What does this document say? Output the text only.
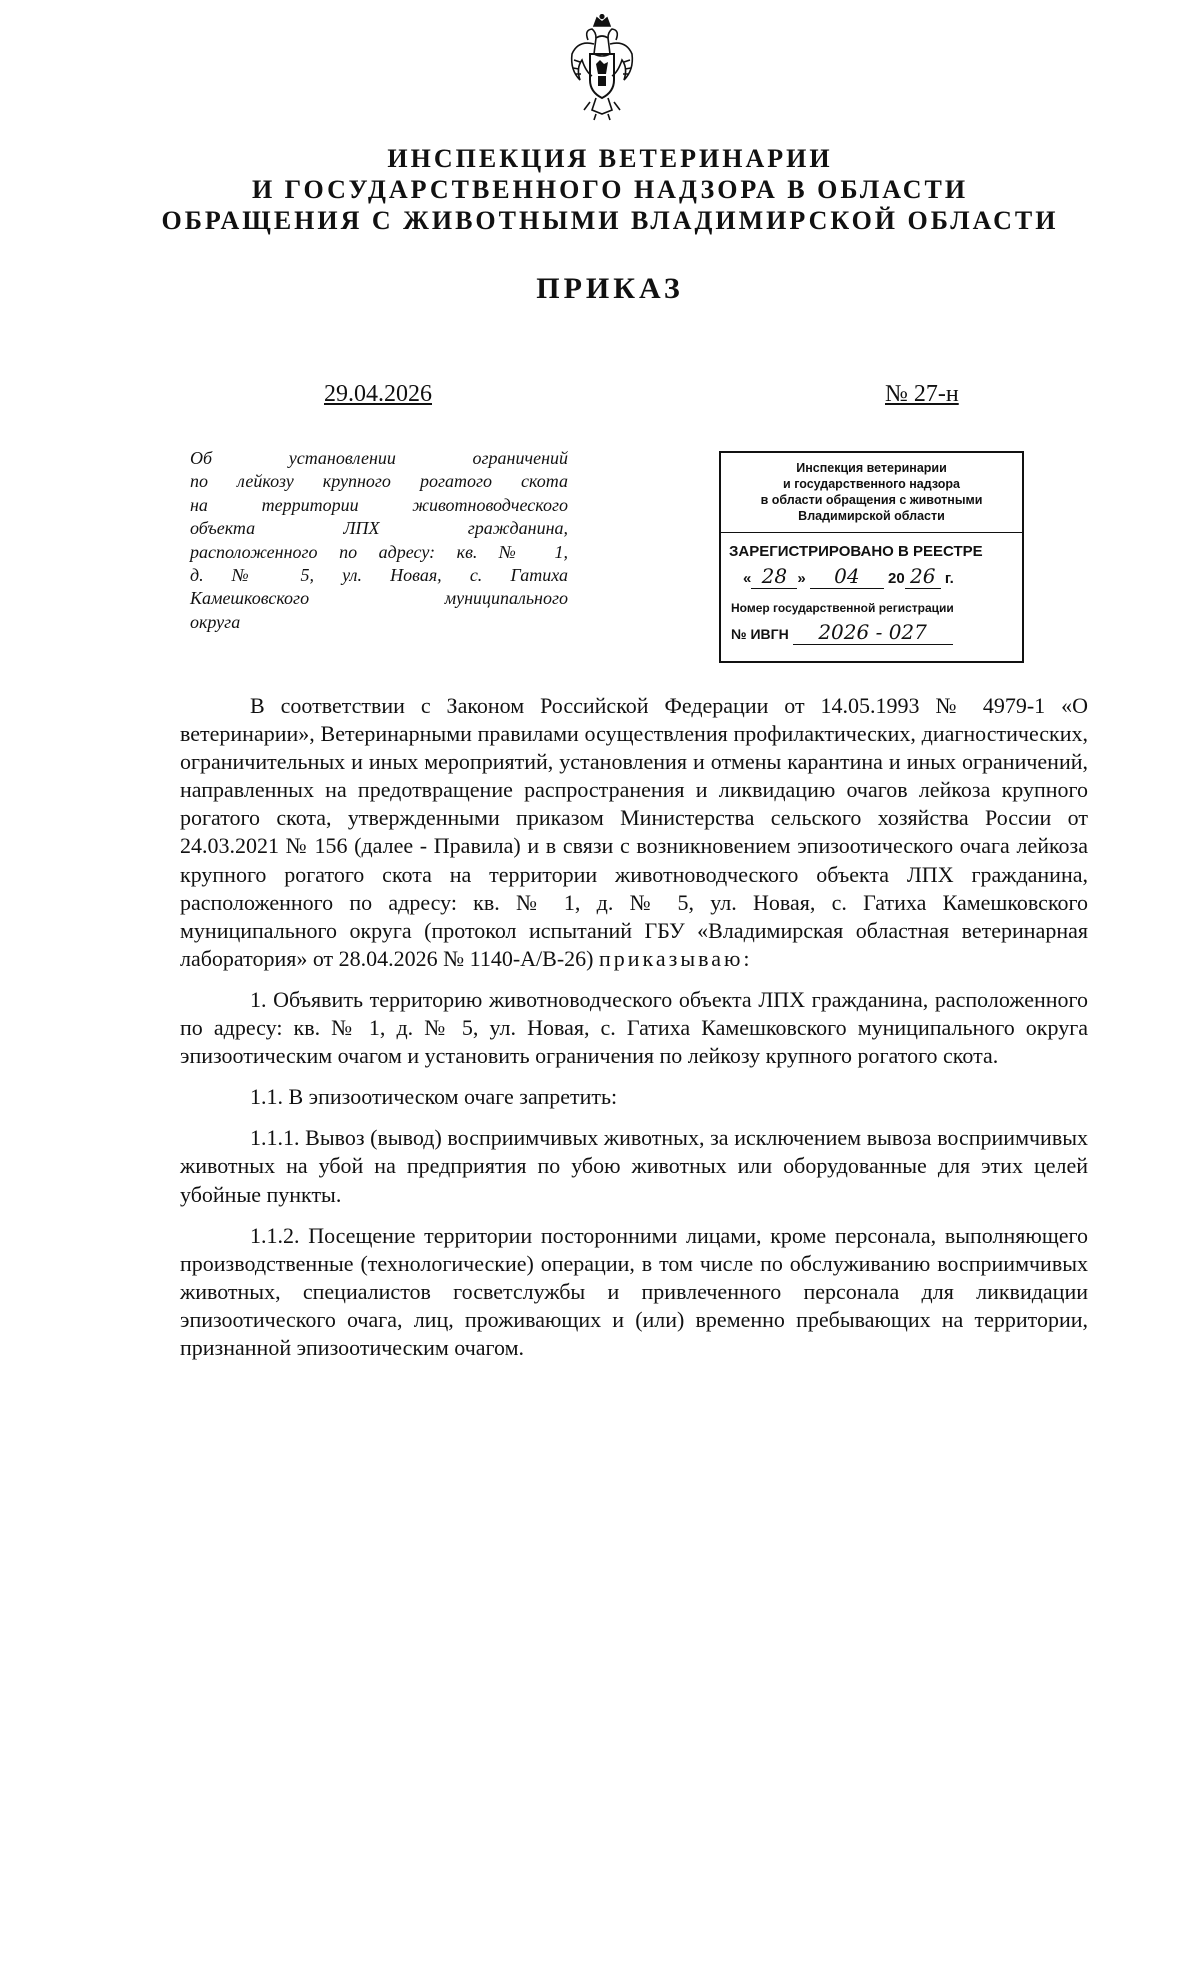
ИНСПЕКЦИЯ ВЕТЕРИНАРИИ
И ГОСУДАРСТВЕННОГО НАДЗОРА В ОБЛАСТИ
ОБРАЩЕНИЯ С ЖИВОТНЫМИ ВЛАДИМИРСКОЙ ОБЛАСТИ
ПРИКАЗ
29.04.2026	№ 27-н
Об установлении ограничений
по лейкозу крупного рогатого скота
на территории животноводческого
объекта ЛПХ гражданина,
расположенного по адресу: кв. № 1,
д. № 5, ул. Новая, с. Гатиха
Камешковского муниципального
округа
Инспекция ветеринарии
и государственного надзора
в области обращения с животными
Владимирской области
ЗАРЕГИСТРИРОВАНО В РЕЕСТРЕ
« 28 » 04 20 26 г.
Номер государственной регистрации
№ ИВГН 2026 - 027

В соответствии с Законом Российской Федерации от 14.05.1993 № 4979-1 «О ветеринарии», Ветеринарными правилами осуществления профилактических, диагностических, ограничительных и иных мероприятий, установления и отмены карантина и иных ограничений, направленных на предотвращение распространения и ликвидацию очагов лейкоза крупного рогатого скота, утвержденными приказом Министерства сельского хозяйства России от 24.03.2021 № 156 (далее - Правила) и в связи с возникновением эпизоотического очага лейкоза крупного рогатого скота на территории животноводческого объекта ЛПХ гражданина, расположенного по адресу: кв. № 1, д. № 5, ул. Новая, с. Гатиха Камешковского муниципального округа (протокол испытаний ГБУ «Владимирская областная ветеринарная лаборатория» от 28.04.2026 № 1140-А/В-26) приказываю:

1. Объявить территорию животноводческого объекта ЛПХ гражданина, расположенного по адресу: кв. № 1, д. № 5, ул. Новая, с. Гатиха Камешковского муниципального округа эпизоотическим очагом и установить ограничения по лейкозу крупного рогатого скота.

1.1. В эпизоотическом очаге запретить:

1.1.1. Вывоз (вывод) восприимчивых животных, за исключением вывоза восприимчивых животных на убой на предприятия по убою животных или оборудованные для этих целей убойные пункты.

1.1.2. Посещение территории посторонними лицами, кроме персонала, выполняющего производственные (технологические) операции, в том числе по обслуживанию восприимчивых животных, специалистов госветслужбы и привлеченного персонала для ликвидации эпизоотического очага, лиц, проживающих и (или) временно пребывающих на территории, признанной эпизоотическим очагом.
